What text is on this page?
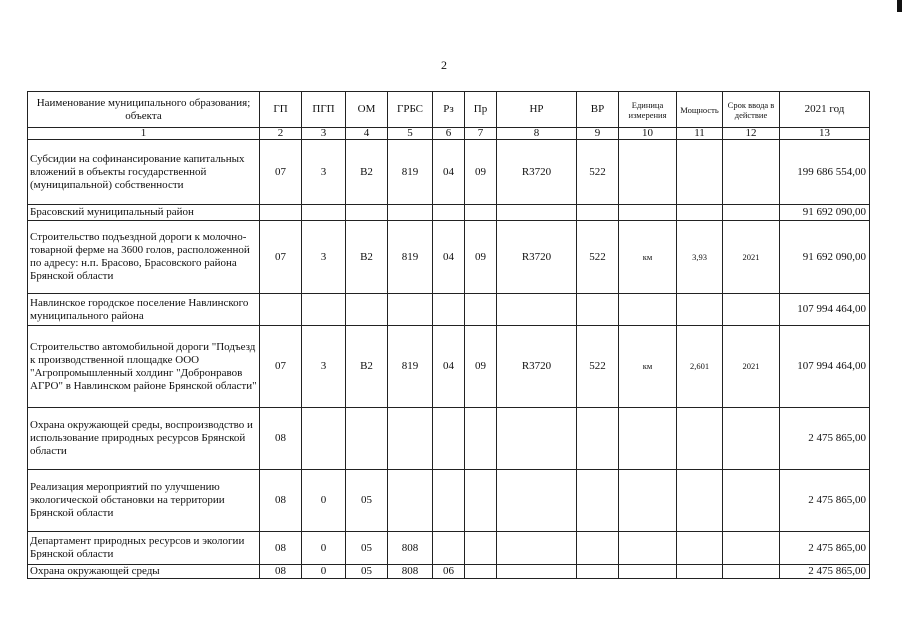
2
Наименование муниципального образования; объекта	ГП	ПГП	ОМ	ГРБС	Рз	Пр	НР	ВР	Единица измерения	Мощность	Срок ввода в действие	2021 год
1	2	3	4	5	6	7	8	9	10	11	12	13
Субсидии на софинансирование капитальных вложений в объекты государственной (муниципальной) собственности	07	3	В2	819	04	09	R3720	522				199 686 554,00
Брасовский муниципальный район												91 692 090,00
Строительство подъездной дороги к молочно-товарной ферме на 3600 голов, расположенной по адресу: н.п. Брасово, Брасовского района Брянской области	07	3	В2	819	04	09	R3720	522	км	3,93	2021	91 692 090,00
Навлинское городское поселение Навлинского муниципального района												107 994 464,00
Строительство автомобильной дороги "Подъезд к производственной площадке ООО "Агропромышленный холдинг "Добронравов АГРО" в Навлинском районе Брянской области"	07	3	В2	819	04	09	R3720	522	км	2,601	2021	107 994 464,00
Охрана окружающей среды, воспроизводство и использование природных ресурсов Брянской области	08											2 475 865,00
Реализация мероприятий по улучшению экологической обстановки на территории Брянской области	08	0	05									2 475 865,00
Департамент природных ресурсов и экологии Брянской области	08	0	05	808								2 475 865,00
Охрана окружающей среды	08	0	05	808	06							2 475 865,00
